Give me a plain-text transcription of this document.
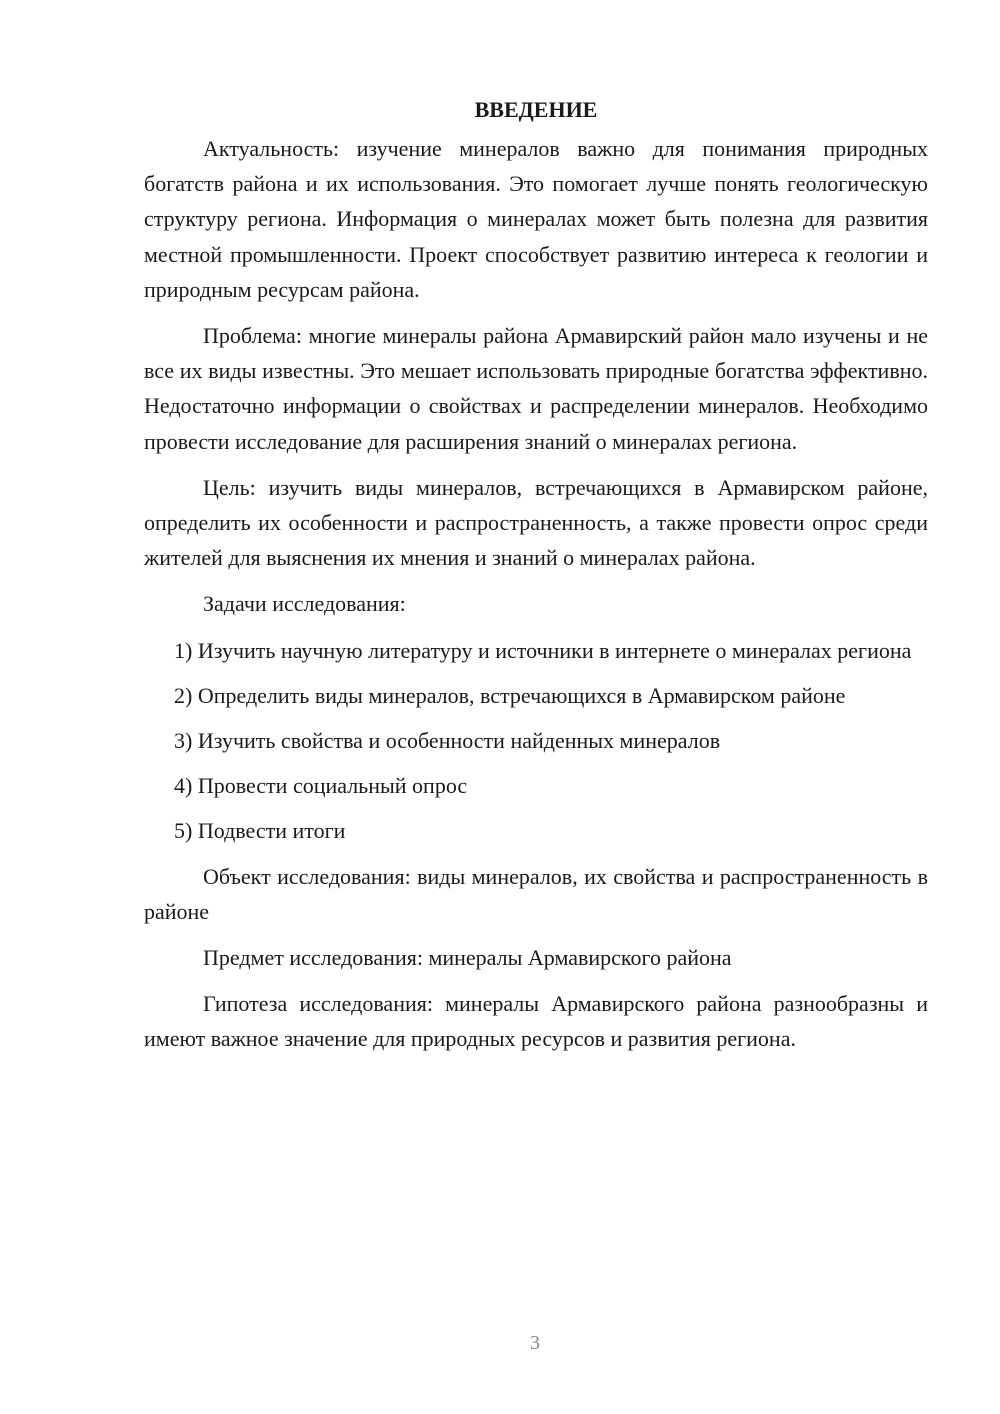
ВВЕДЕНИЕ

Актуальность: изучение минералов важно для понимания природных богатств района и их использования. Это помогает лучше понять геологическую структуру региона. Информация о минералах может быть полезна для развития местной промышленности. Проект способствует развитию интереса к геологии и природным ресурсам района.

Проблема: многие минералы района Армавирский район мало изучены и не все их виды известны. Это мешает использовать природные богатства эффективно. Недостаточно информации о свойствах и распределении минералов. Необходимо провести исследование для расширения знаний о минералах региона.

Цель: изучить виды минералов, встречающихся в Армавирском районе, определить их особенности и распространенность, а также провести опрос среди жителей для выяснения их мнения и знаний о минералах района.

Задачи исследования:

1) Изучить научную литературу и источники в интернете о минералах региона

2) Определить виды минералов, встречающихся в Армавирском районе

3) Изучить свойства и особенности найденных минералов

4) Провести социальный опрос

5) Подвести итоги

Объект исследования: виды минералов, их свойства и распространенность в районе

Предмет исследования: минералы Армавирского района

Гипотеза исследования: минералы Армавирского района разнообразны и имеют важное значение для природных ресурсов и развития региона.

3
